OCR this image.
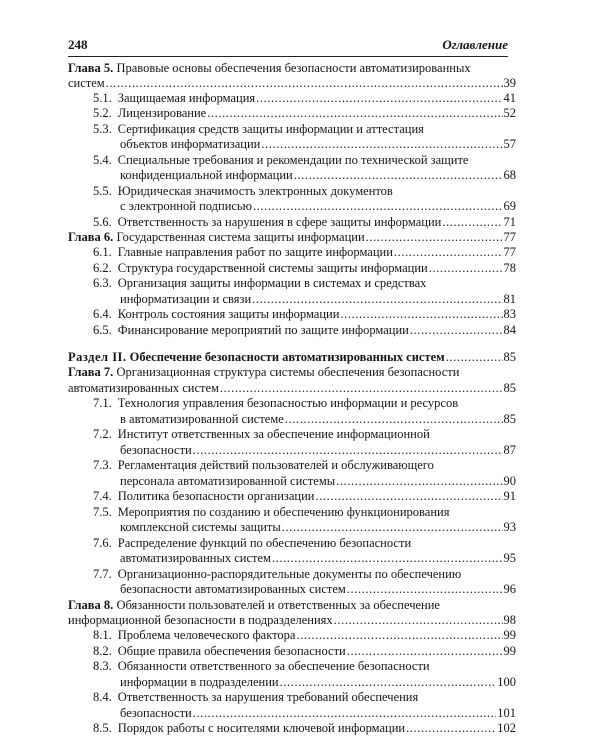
248	Оглавление
Глава 5. Правовые основы обеспечения безопасности автоматизированных
систем .....	39
5.1. Защищаемая информация .....	41
5.2. Лицензирование .....	52
5.3. Сертификация средств защиты информации и аттестация
объектов информатизации .....	57
5.4. Специальные требования и рекомендации по технической защите
конфиденциальной информации .....	68
5.5. Юридическая значимость электронных документов
с электронной подписью .....	69
5.6. Ответственность за нарушения в сфере защиты информации .....	71
Глава 6. Государственная система защиты информации .....	77
6.1. Главные направления работ по защите информации .....	77
6.2. Структура государственной системы защиты информации .....	78
6.3. Организация защиты информации в системах и средствах
информатизации и связи .....	81
6.4. Контроль состояния защиты информации .....	83
6.5. Финансирование мероприятий по защите информации .....	84
Раздел II. Обеспечение безопасности автоматизированных систем .....	85
Глава 7. Организационная структура системы обеспечения безопасности
автоматизированных систем .....	85
7.1. Технология управления безопасностью информации и ресурсов
в автоматизированной системе .....	85
7.2. Институт ответственных за обеспечение информационной
безопасности .....	87
7.3. Регламентация действий пользователей и обслуживающего
персонала автоматизированной системы .....	90
7.4. Политика безопасности организации .....	91
7.5. Мероприятия по созданию и обеспечению функционирования
комплексной системы защиты .....	93
7.6. Распределение функций по обеспечению безопасности
автоматизированных систем .....	95
7.7. Организационно-распорядительные документы по обеспечению
безопасности автоматизированных систем .....	96
Глава 8. Обязанности пользователей и ответственных за обеспечение
информационной безопасности в подразделениях .....	98
8.1. Проблема человеческого фактора .....	99
8.2. Общие правила обеспечения безопасности .....	99
8.3. Обязанности ответственного за обеспечение безопасности
информации в подразделении .....	100
8.4. Ответственность за нарушения требований обеспечения
безопасности .....	101
8.5. Порядок работы с носителями ключевой информации .....	102
